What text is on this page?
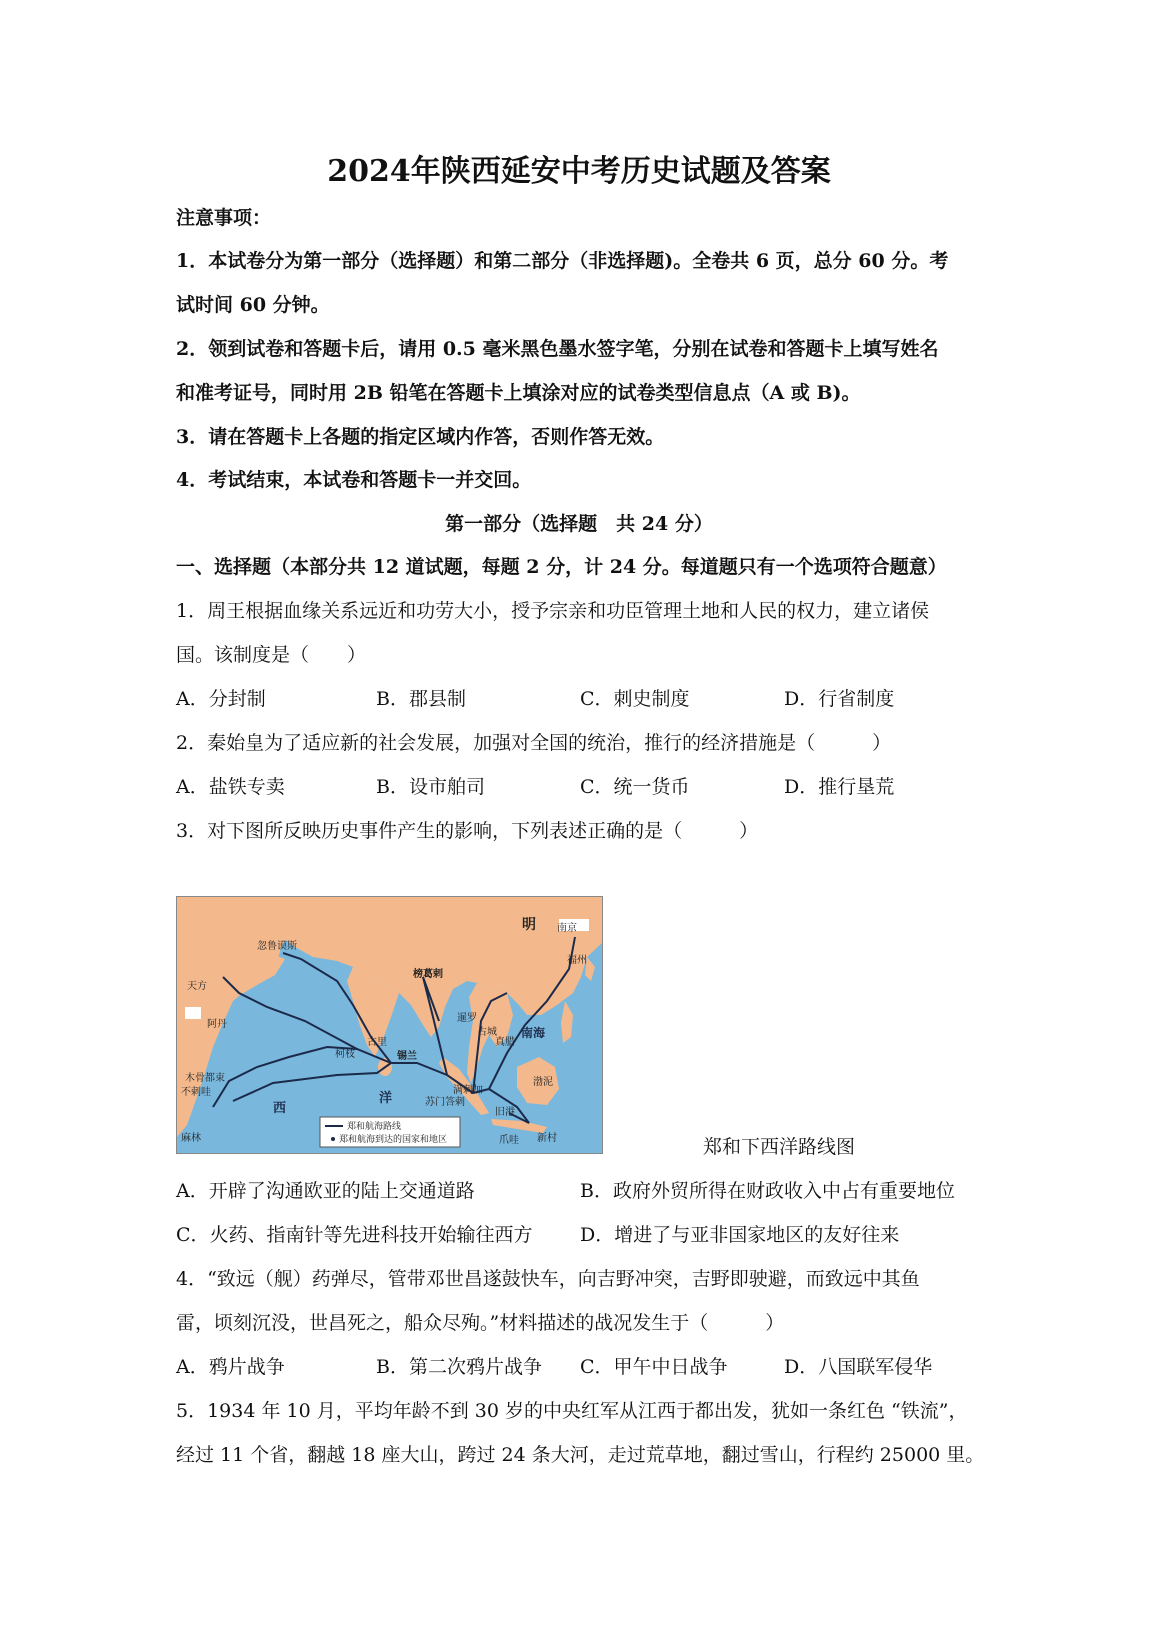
2024年陕西延安中考历史试题及答案
注意事项：
1．本试卷分为第一部分（选择题）和第二部分（非选择题)。全卷共 6 页，总分 60 分。考
试时间 60 分钟。
2．领到试卷和答题卡后，请用 0.5 毫米黑色墨水签字笔，分别在试卷和答题卡上填写姓名
和准考证号，同时用 2B 铅笔在答题卡上填涂对应的试卷类型信息点（A 或 B)。
3．请在答题卡上各题的指定区域内作答，否则作答无效。
4．考试结束，本试卷和答题卡一并交回。
第一部分（选择题　共 24 分）
一、选择题（本部分共 12 道试题，每题 2 分，计 24 分。每道题只有一个选项符合题意）
1．周王根据血缘关系远近和功劳大小，授予宗亲和功臣管理土地和人民的权力，建立诸侯
国。该制度是（　　）
A．分封制	B．郡县制	C．刺史制度	D．行省制度
2．秦始皇为了适应新的社会发展，加强对全国的统治，推行的经济措施是（　　　）
A．盐铁专卖	B．设市舶司	C．统一货币	D．推行垦荒
3．对下图所反映历史事件产生的影响，下列表述正确的是（　　　）
明 南京
福州
忽鲁谟斯
天方
阿丹
古里
柯枝	锡兰
木骨都束
不剌哇
麻林
榜葛剌
暹罗
占城
真腊
满剌加
旧港
爪哇 新村
苏门答剌
渤泥
南海
西
洋
郑和航海路线
郑和航海到达的国家和地区	郑和下西洋路线图
A．开辟了沟通欧亚的陆上交通道路	B．政府外贸所得在财政收入中占有重要地位
C．火药、指南针等先进科技开始输往西方 D．增进了与亚非国家地区的友好往来
4．“致远（舰）药弹尽，管带邓世昌遂鼓快车，向吉野冲突，吉野即驶避，而致远中其鱼
雷，顷刻沉没，世昌死之，船众尽殉。”材料描述的战况发生于（　　　）
A．鸦片战争	B．第二次鸦片战争 C．甲午中日战争	D．八国联军侵华
5．1934 年 10 月，平均年龄不到 30 岁的中央红军从江西于都出发，犹如一条红色 “铁流”，
经过 11 个省，翻越 18 座大山，跨过 24 条大河，走过荒草地，翻过雪山，行程约 25000 里。
